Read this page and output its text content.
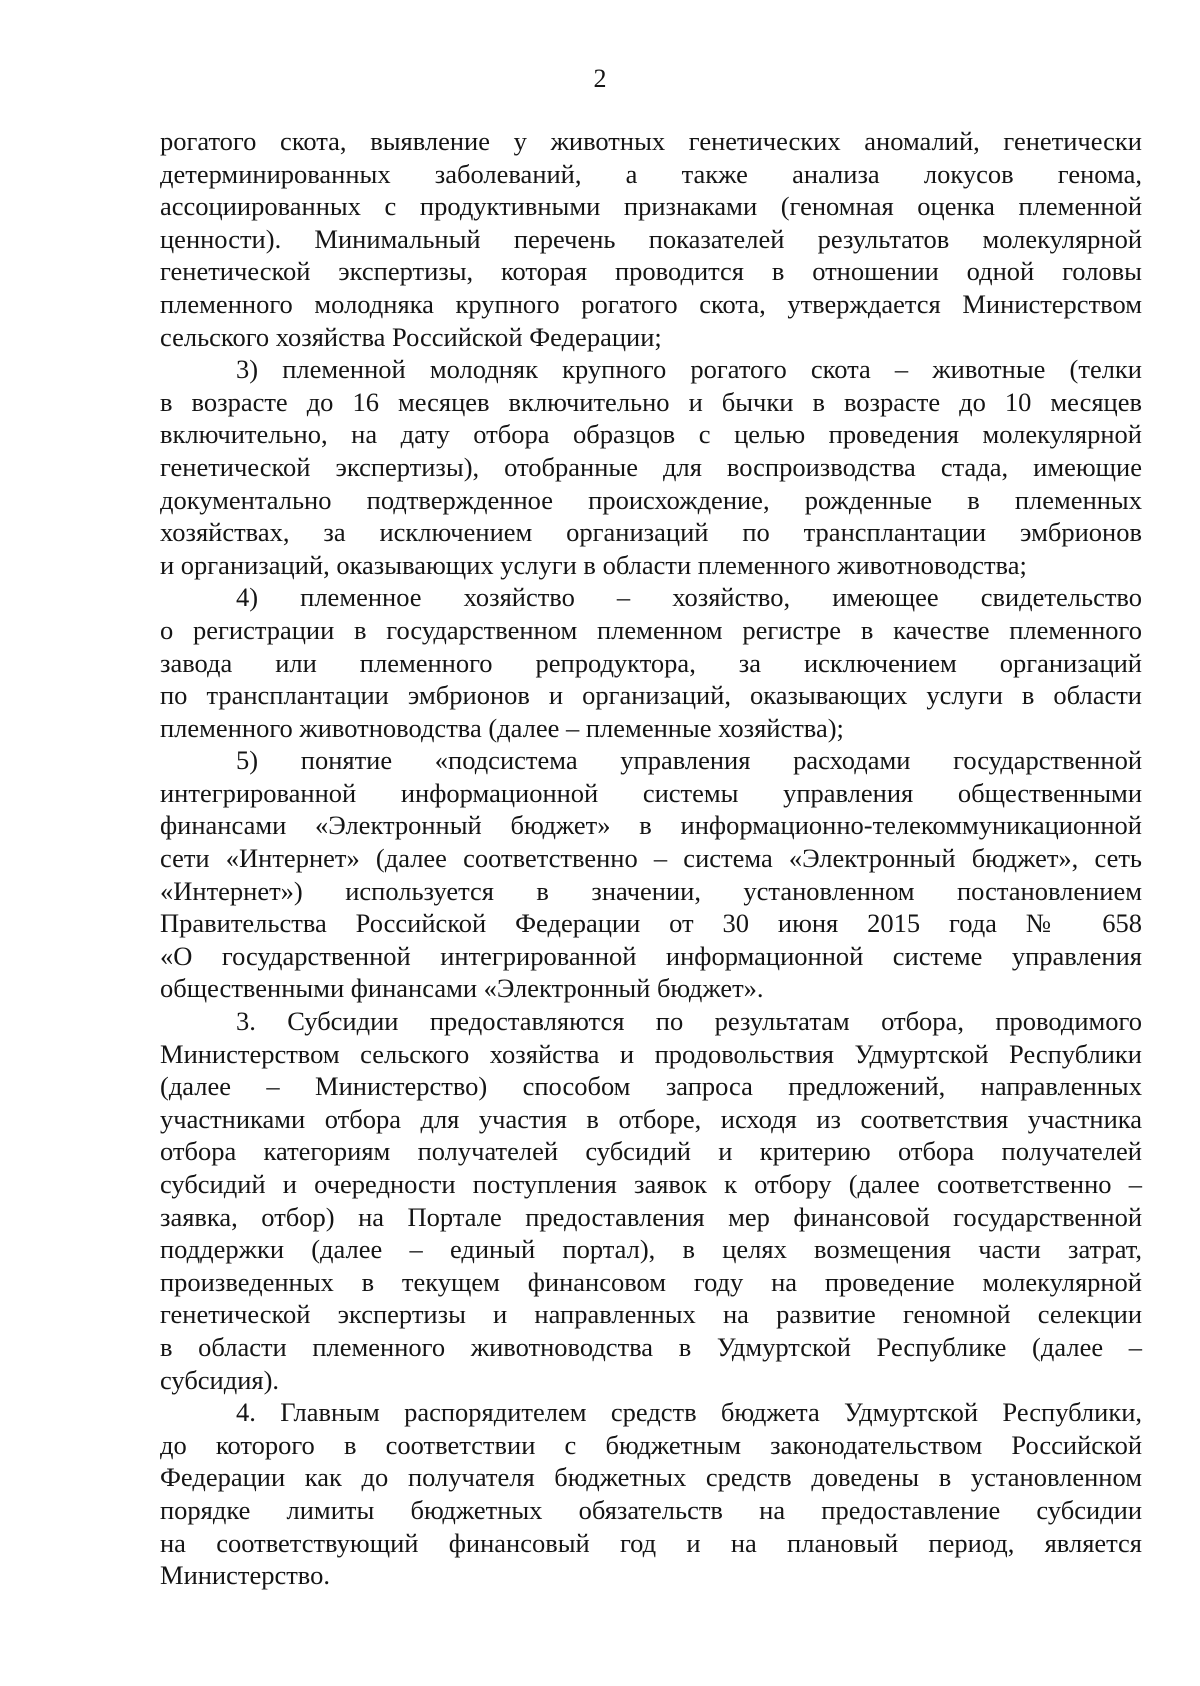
2
рогатого скота, выявление у животных генетических аномалий, генетически
детерминированных заболеваний, а также анализа локусов генома,
ассоциированных с продуктивными признаками (геномная оценка племенной
ценности). Минимальный перечень показателей результатов молекулярной
генетической экспертизы, которая проводится в отношении одной головы
племенного молодняка крупного рогатого скота, утверждается Министерством
сельского хозяйства Российской Федерации;
3) племенной молодняк крупного рогатого скота – животные (телки
в возрасте до 16 месяцев включительно и бычки в возрасте до 10 месяцев
включительно, на дату отбора образцов с целью проведения молекулярной
генетической экспертизы), отобранные для воспроизводства стада, имеющие
документально подтвержденное происхождение, рожденные в племенных
хозяйствах, за исключением организаций по трансплантации эмбрионов
и организаций, оказывающих услуги в области племенного животноводства;
4) племенное хозяйство – хозяйство, имеющее свидетельство
о регистрации в государственном племенном регистре в качестве племенного
завода или племенного репродуктора, за исключением организаций
по трансплантации эмбрионов и организаций, оказывающих услуги в области
племенного животноводства (далее – племенные хозяйства);
5) понятие «подсистема управления расходами государственной
интегрированной информационной системы управления общественными
финансами «Электронный бюджет» в информационно-телекоммуникационной
сети «Интернет» (далее соответственно – система «Электронный бюджет», сеть
«Интернет») используется в значении, установленном постановлением
Правительства Российской Федерации от 30 июня 2015 года № 658
«О государственной интегрированной информационной системе управления
общественными финансами «Электронный бюджет».
3. Субсидии предоставляются по результатам отбора, проводимого
Министерством сельского хозяйства и продовольствия Удмуртской Республики
(далее – Министерство) способом запроса предложений, направленных
участниками отбора для участия в отборе, исходя из соответствия участника
отбора категориям получателей субсидий и критерию отбора получателей
субсидий и очередности поступления заявок к отбору (далее соответственно –
заявка, отбор) на Портале предоставления мер финансовой государственной
поддержки (далее – единый портал), в целях возмещения части затрат,
произведенных в текущем финансовом году на проведение молекулярной
генетической экспертизы и направленных на развитие геномной селекции
в области племенного животноводства в Удмуртской Республике (далее –
субсидия).
4. Главным распорядителем средств бюджета Удмуртской Республики,
до которого в соответствии с бюджетным законодательством Российской
Федерации как до получателя бюджетных средств доведены в установленном
порядке лимиты бюджетных обязательств на предоставление субсидии
на соответствующий финансовый год и на плановый период, является
Министерство.
